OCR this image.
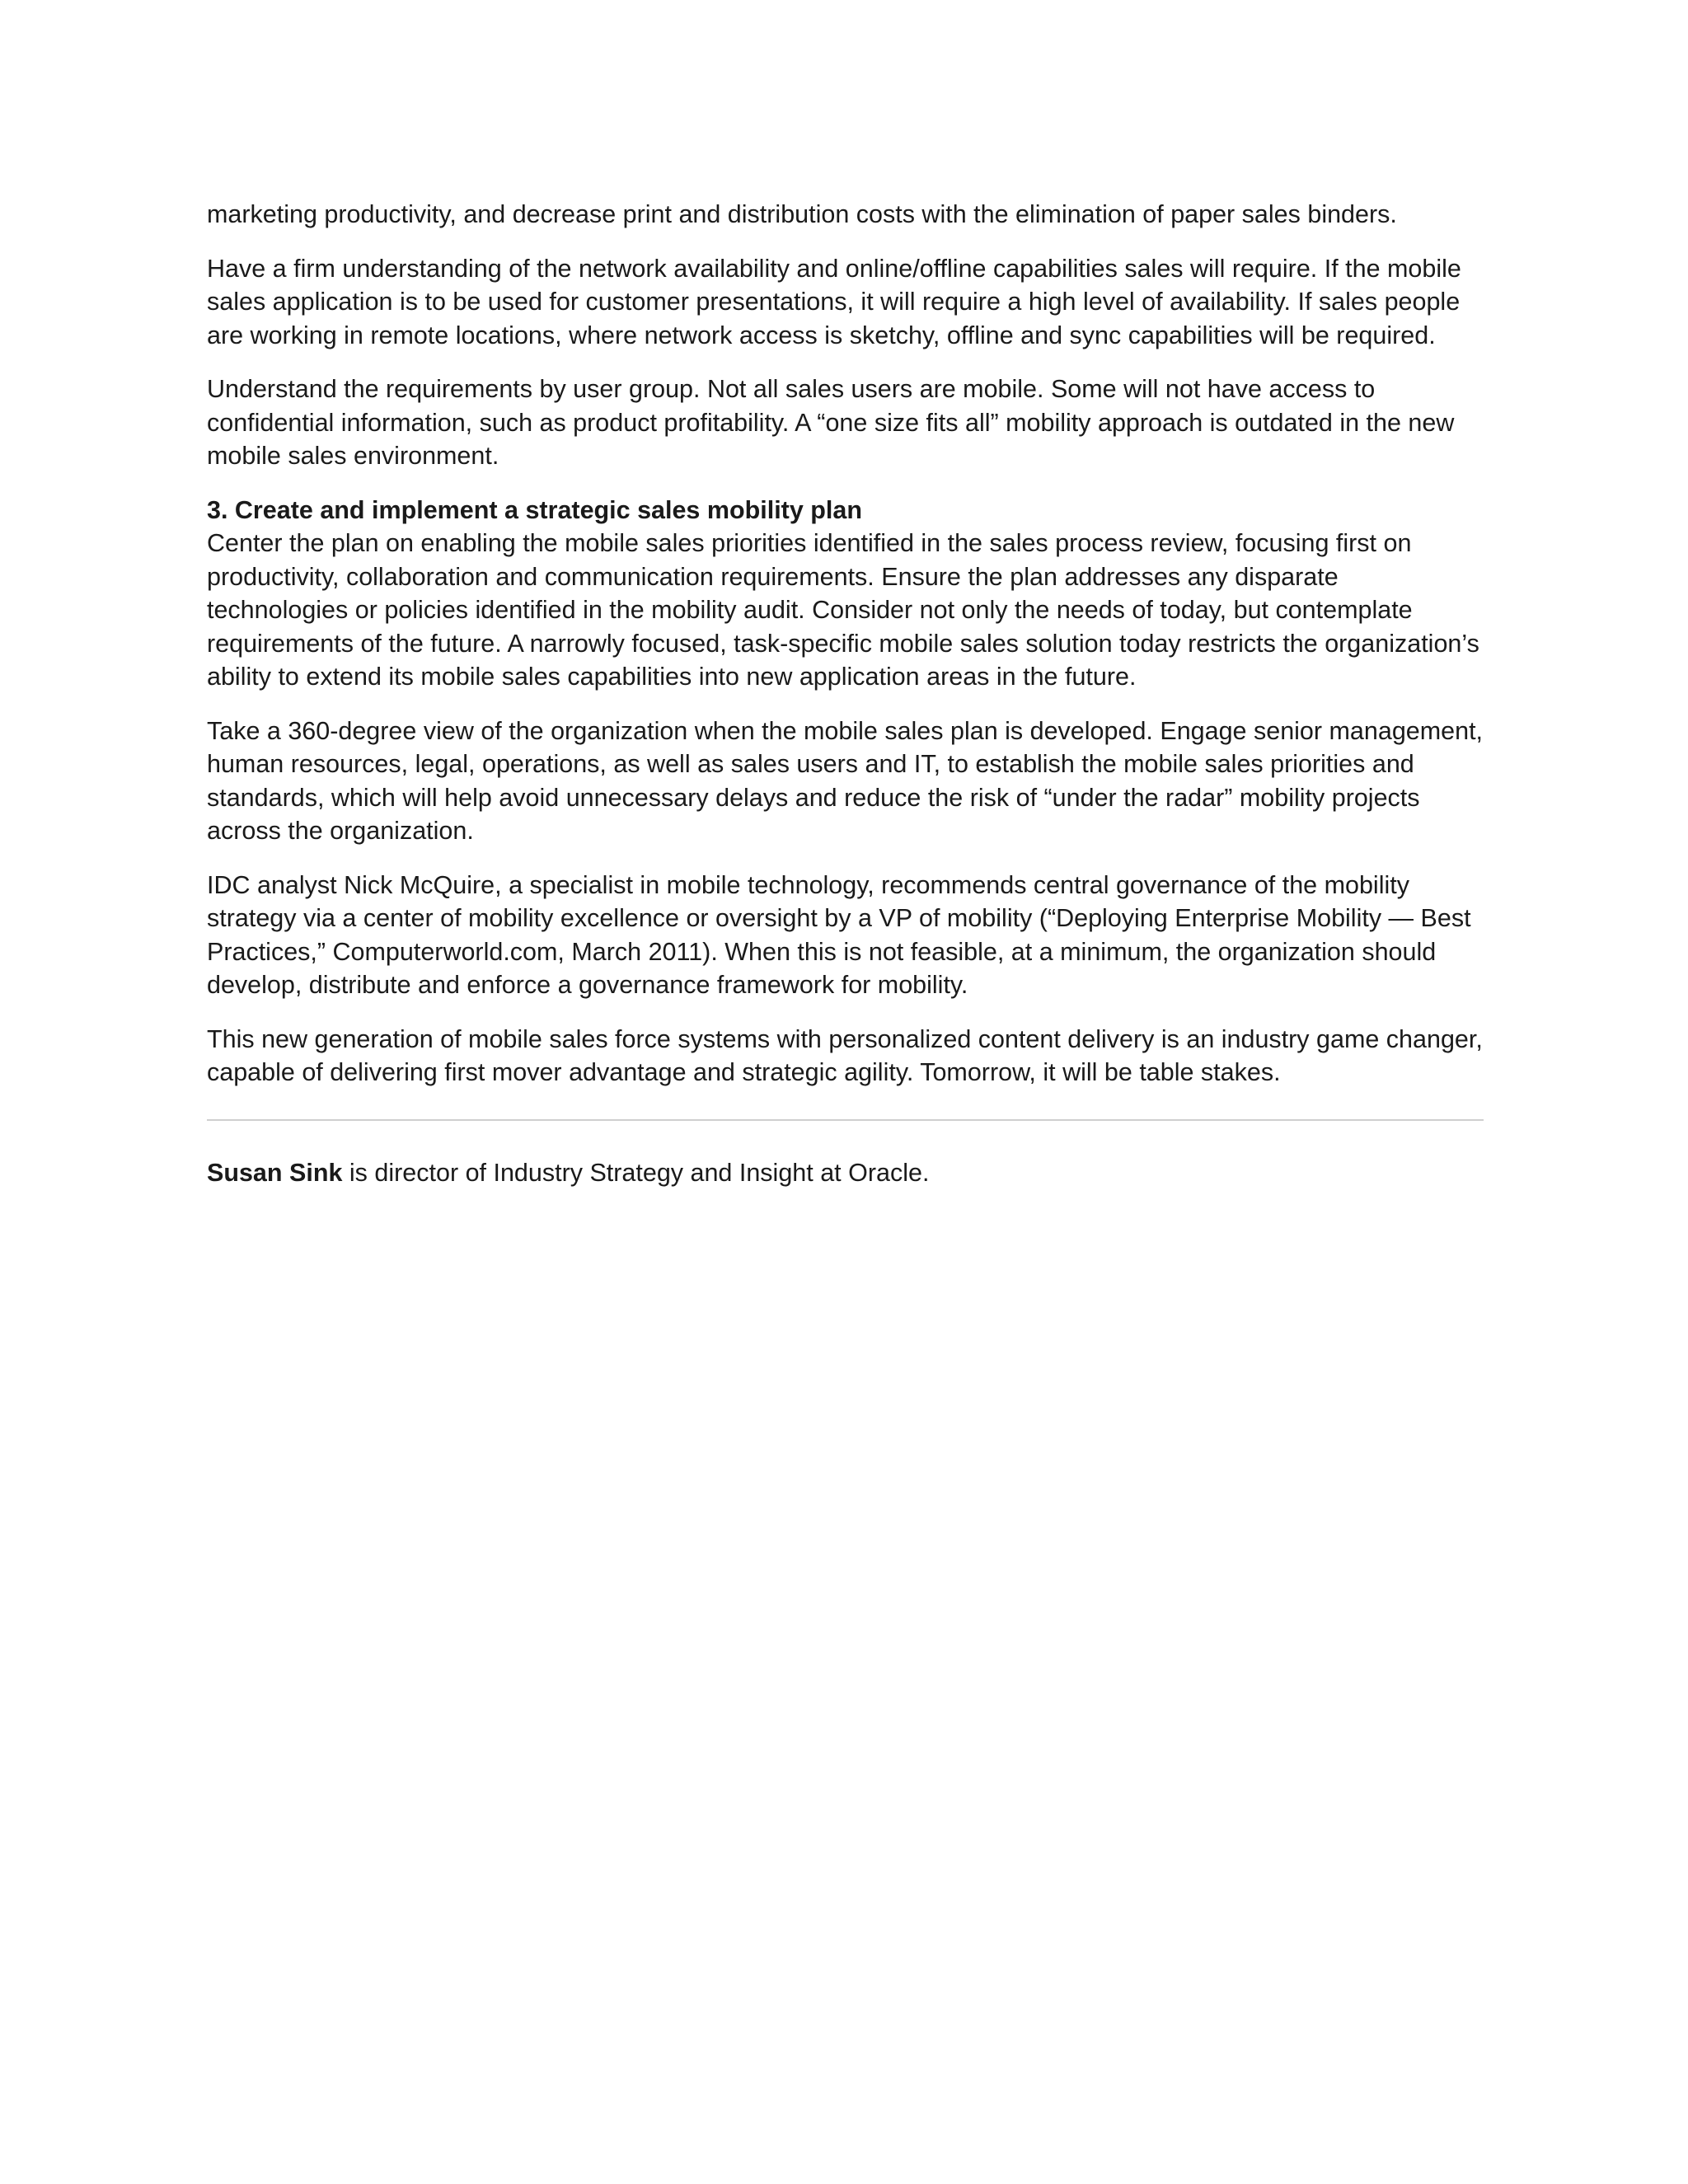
marketing productivity, and decrease print and distribution costs with the elimination of paper sales binders.

Have a firm understanding of the network availability and online/offline capabilities sales will require. If the mobile sales application is to be used for customer presentations, it will require a high level of availability. If sales people are working in remote locations, where network access is sketchy, offline and sync capabilities will be required.

Understand the requirements by user group. Not all sales users are mobile. Some will not have access to confidential information, such as product profitability. A “one size fits all” mobility approach is outdated in the new mobile sales environment.

3. Create and implement a strategic sales mobility plan

Center the plan on enabling the mobile sales priorities identified in the sales process review, focusing first on productivity, collaboration and communication requirements. Ensure the plan addresses any disparate technologies or policies identified in the mobility audit. Consider not only the needs of today, but contemplate requirements of the future. A narrowly focused, task-specific mobile sales solution today restricts the organization’s ability to extend its mobile sales capabilities into new application areas in the future.

Take a 360-degree view of the organization when the mobile sales plan is developed. Engage senior management, human resources, legal, operations, as well as sales users and IT, to establish the mobile sales priorities and standards, which will help avoid unnecessary delays and reduce the risk of “under the radar” mobility projects across the organization.

IDC analyst Nick McQuire, a specialist in mobile technology, recommends central governance of the mobility strategy via a center of mobility excellence or oversight by a VP of mobility (“Deploying Enterprise Mobility — Best Practices,” Computerworld.com, March 2011). When this is not feasible, at a minimum, the organization should develop, distribute and enforce a governance framework for mobility.

This new generation of mobile sales force systems with personalized content delivery is an industry game changer, capable of delivering first mover advantage and strategic agility. Tomorrow, it will be table stakes.

Susan Sink is director of Industry Strategy and Insight at Oracle.
